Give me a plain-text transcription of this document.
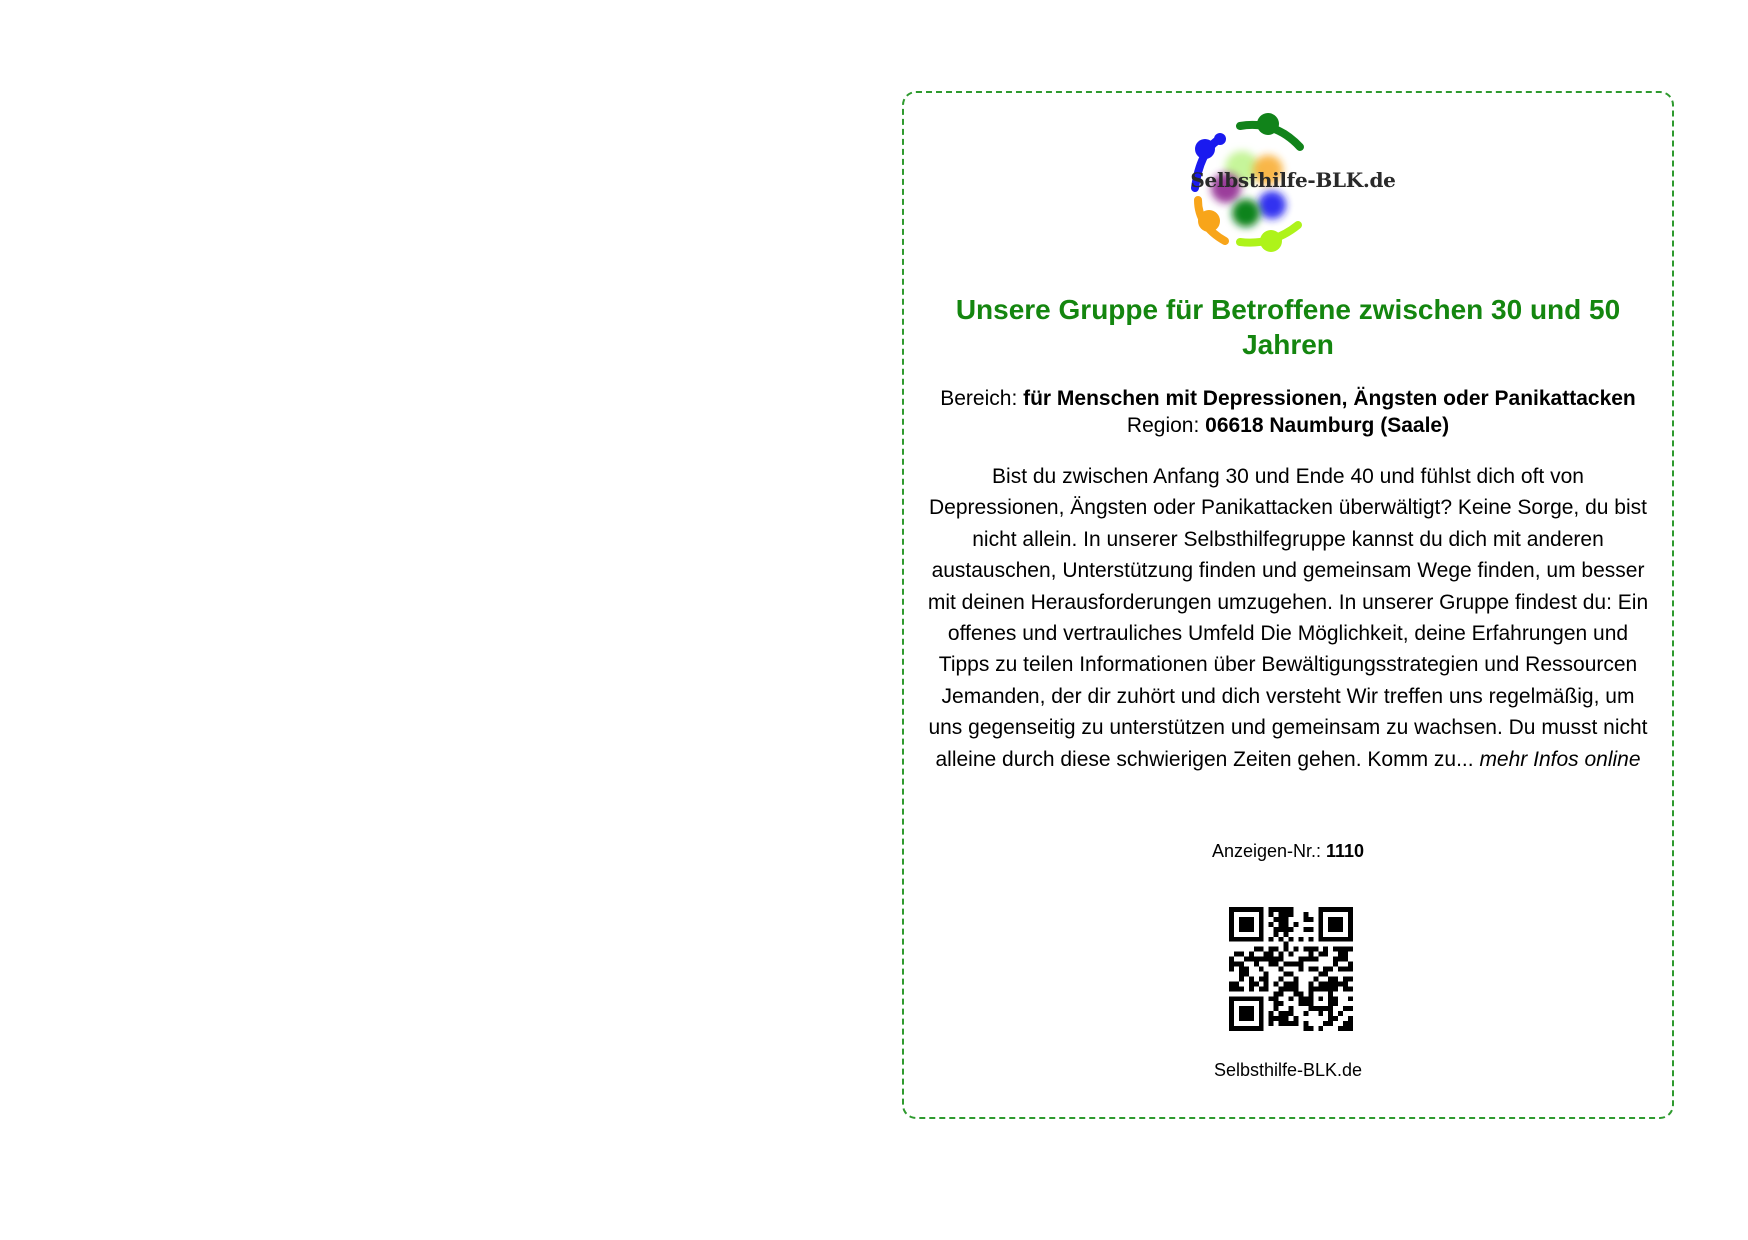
Selbsthilfe-BLK.de
Unsere Gruppe für Betroffene zwischen 30 und 50 Jahren
Bereich: für Menschen mit Depressionen, Ängsten oder Panikattacken
Region: 06618 Naumburg (Saale)
Bist du zwischen Anfang 30 und Ende 40 und fühlst dich oft von Depressionen, Ängsten oder Panikattacken überwältigt? Keine Sorge, du bist nicht allein. In unserer Selbsthilfegruppe kannst du dich mit anderen austauschen, Unterstützung finden und gemeinsam Wege finden, um besser mit deinen Herausforderungen umzugehen. In unserer Gruppe findest du: Ein offenes und vertrauliches Umfeld Die Möglichkeit, deine Erfahrungen und Tipps zu teilen Informationen über Bewältigungsstrategien und Ressourcen Jemanden, der dir zuhört und dich versteht Wir treffen uns regelmäßig, um uns gegenseitig zu unterstützen und gemeinsam zu wachsen. Du musst nicht alleine durch diese schwierigen Zeiten gehen. Komm zu... mehr Infos online
Anzeigen-Nr.: 1110
Selbsthilfe-BLK.de
